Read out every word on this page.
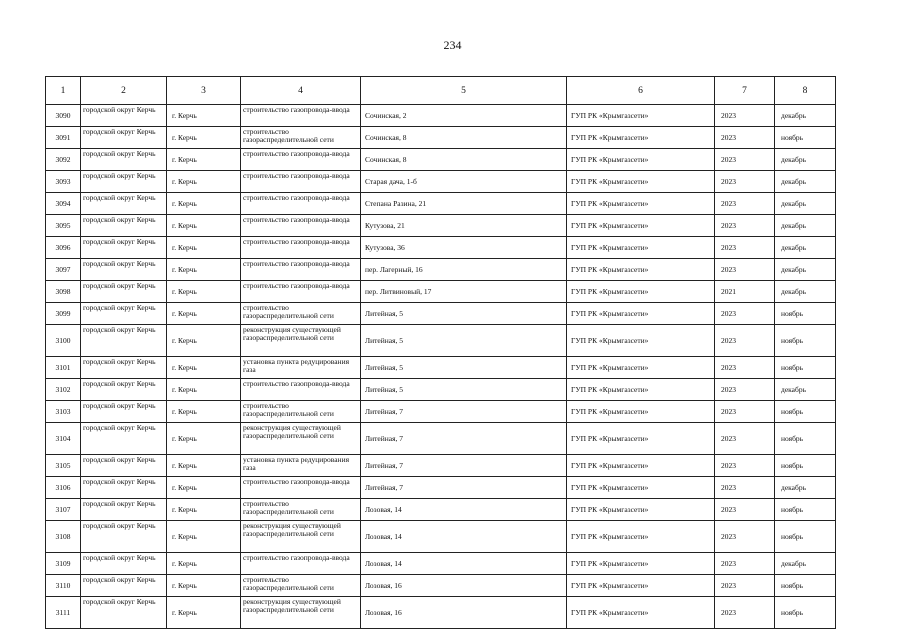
234
1	2	3	4	5	6	7	8
3090	городской округ Керчь	г. Керчь	строительство газопровода-ввода	Сочинская, 2	ГУП РК «Крымгазсети»	2023	декабрь
3091	городской округ Керчь	г. Керчь	строительство газораспределительной сети	Сочинская, 8	ГУП РК «Крымгазсети»	2023	ноябрь
3092	городской округ Керчь	г. Керчь	строительство газопровода-ввода	Сочинская, 8	ГУП РК «Крымгазсети»	2023	декабрь
3093	городской округ Керчь	г. Керчь	строительство газопровода-ввода	Старая дача, 1-б	ГУП РК «Крымгазсети»	2023	декабрь
3094	городской округ Керчь	г. Керчь	строительство газопровода-ввода	Степана Разина, 21	ГУП РК «Крымгазсети»	2023	декабрь
3095	городской округ Керчь	г. Керчь	строительство газопровода-ввода	Кутузова, 21	ГУП РК «Крымгазсети»	2023	декабрь
3096	городской округ Керчь	г. Керчь	строительство газопровода-ввода	Кутузова, 36	ГУП РК «Крымгазсети»	2023	декабрь
3097	городской округ Керчь	г. Керчь	строительство газопровода-ввода	пер. Лагерный, 16	ГУП РК «Крымгазсети»	2023	декабрь
3098	городской округ Керчь	г. Керчь	строительство газопровода-ввода	пер. Литвиновый, 17	ГУП РК «Крымгазсети»	2021	декабрь
3099	городской округ Керчь	г. Керчь	строительство газораспределительной сети	Литейная, 5	ГУП РК «Крымгазсети»	2023	ноябрь
3100	городской округ Керчь	г. Керчь	реконструкция существующей газораспределительной сети	Литейная, 5	ГУП РК «Крымгазсети»	2023	ноябрь
3101	городской округ Керчь	г. Керчь	установка пункта редуцирования газа	Литейная, 5	ГУП РК «Крымгазсети»	2023	ноябрь
3102	городской округ Керчь	г. Керчь	строительство газопровода-ввода	Литейная, 5	ГУП РК «Крымгазсети»	2023	декабрь
3103	городской округ Керчь	г. Керчь	строительство газораспределительной сети	Литейная, 7	ГУП РК «Крымгазсети»	2023	ноябрь
3104	городской округ Керчь	г. Керчь	реконструкция существующей газораспределительной сети	Литейная, 7	ГУП РК «Крымгазсети»	2023	ноябрь
3105	городской округ Керчь	г. Керчь	установка пункта редуцирования газа	Литейная, 7	ГУП РК «Крымгазсети»	2023	ноябрь
3106	городской округ Керчь	г. Керчь	строительство газопровода-ввода	Литейная, 7	ГУП РК «Крымгазсети»	2023	декабрь
3107	городской округ Керчь	г. Керчь	строительство газораспределительной сети	Лозовая, 14	ГУП РК «Крымгазсети»	2023	ноябрь
3108	городской округ Керчь	г. Керчь	реконструкция существующей газораспределительной сети	Лозовая, 14	ГУП РК «Крымгазсети»	2023	ноябрь
3109	городской округ Керчь	г. Керчь	строительство газопровода-ввода	Лозовая, 14	ГУП РК «Крымгазсети»	2023	декабрь
3110	городской округ Керчь	г. Керчь	строительство газораспределительной сети	Лозовая, 16	ГУП РК «Крымгазсети»	2023	ноябрь
3111	городской округ Керчь	г. Керчь	реконструкция существующей газораспределительной сети	Лозовая, 16	ГУП РК «Крымгазсети»	2023	ноябрь
